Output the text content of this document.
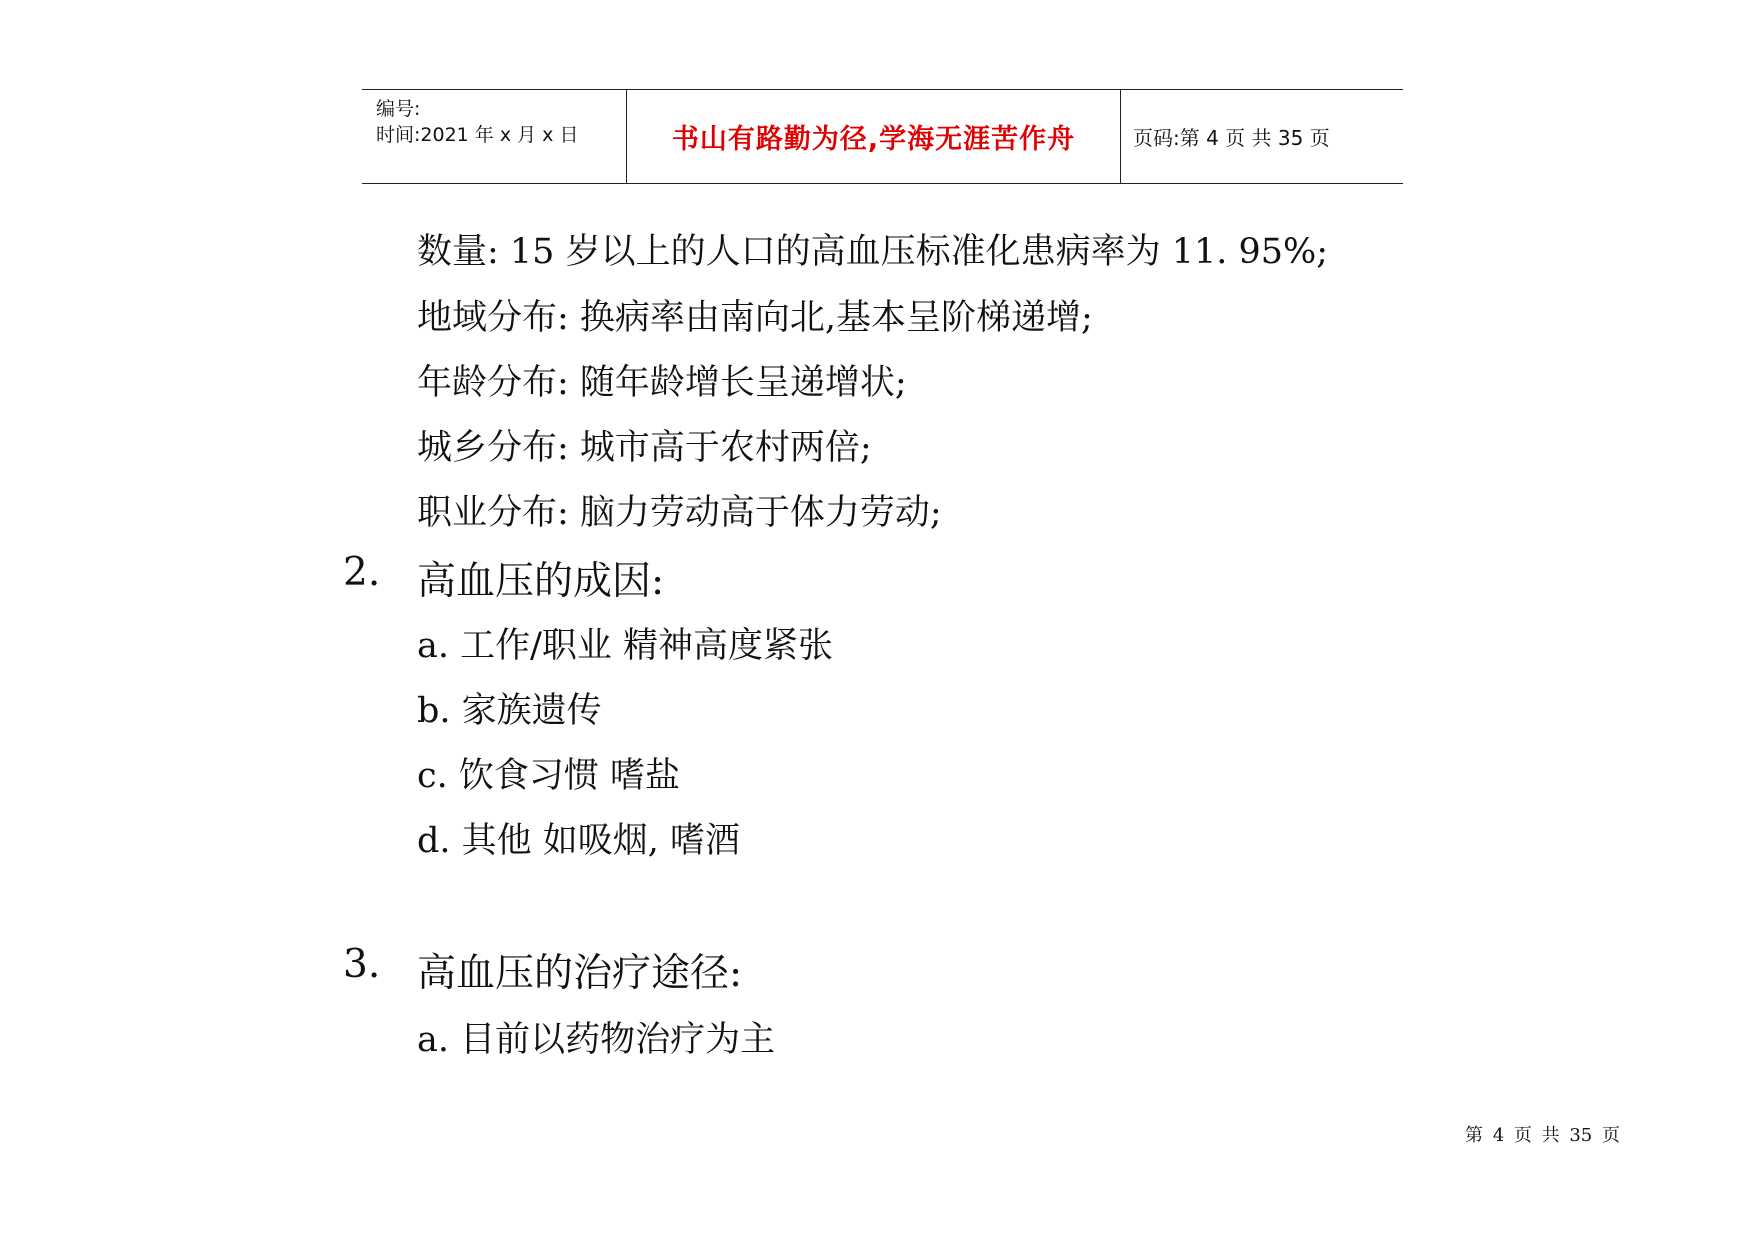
编号:
时间:2021 年 x 月 x 日	书山有路勤为径,学海无涯苦作舟	页码:第 4 页 共 35 页
数量: 15 岁以上的人口的高血压标准化患病率为 11. 95%;
地域分布: 换病率由南向北,基本呈阶梯递增;
年龄分布: 随年龄增长呈递增状;
城乡分布: 城市高于农村两倍;
职业分布: 脑力劳动高于体力劳动;
2. 高血压的成因:
a. 工作/职业 精神高度紧张
b. 家族遗传
c. 饮食习惯 嗜盐
d. 其他 如吸烟, 嗜酒
3. 高血压的治疗途径:
a. 目前以药物治疗为主
第 4 页 共 35 页
